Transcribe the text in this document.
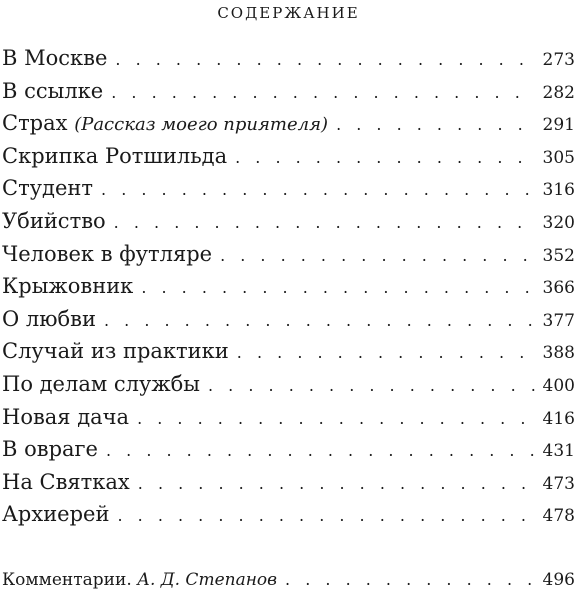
СОДЕРЖАНИЕ
В Москве . . .	273
В ссылке . . .	282
Страх (Рассказ моего приятеля) . . .	291
Скрипка Ротшильда . . .	305
Студент . . .	316
Убийство . . .	320
Человек в футляре . . .	352
Крыжовник . . .	366
О любви . . .	377
Случай из практики . . .	388
По делам службы . . .	400
Новая дача . . .	416
В овраге . . .	431
На Святках . . .	473
Архиерей . . .	478
Комментарии. А. Д. Степанов . . .	496
